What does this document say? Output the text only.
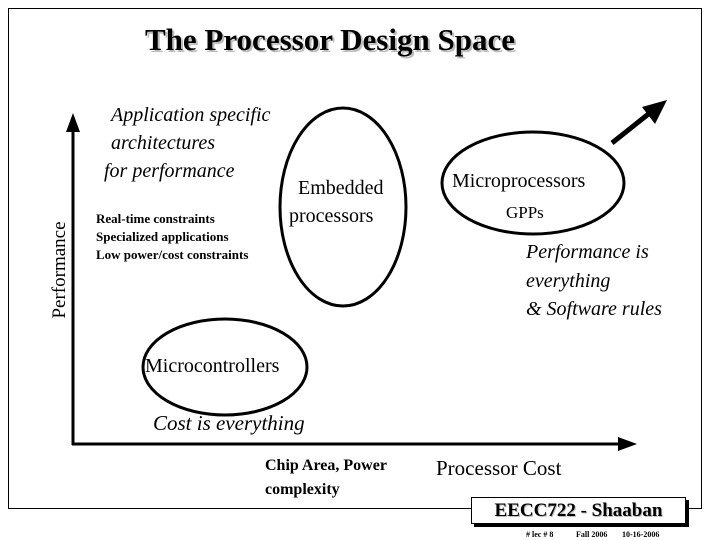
The Processor Design Space
Performance
Application specific
architectures
for performance
Embedded
processors
Real-time constraints
Specialized applications
Low power/cost constraints
Microprocessors
GPPs
Performance is
everything
& Software rules
Microcontrollers
Cost is everything
Chip Area, Power
complexity
Processor Cost
EECC722 - Shaaban
# lec # 8	Fall 2006 10-16-2006
